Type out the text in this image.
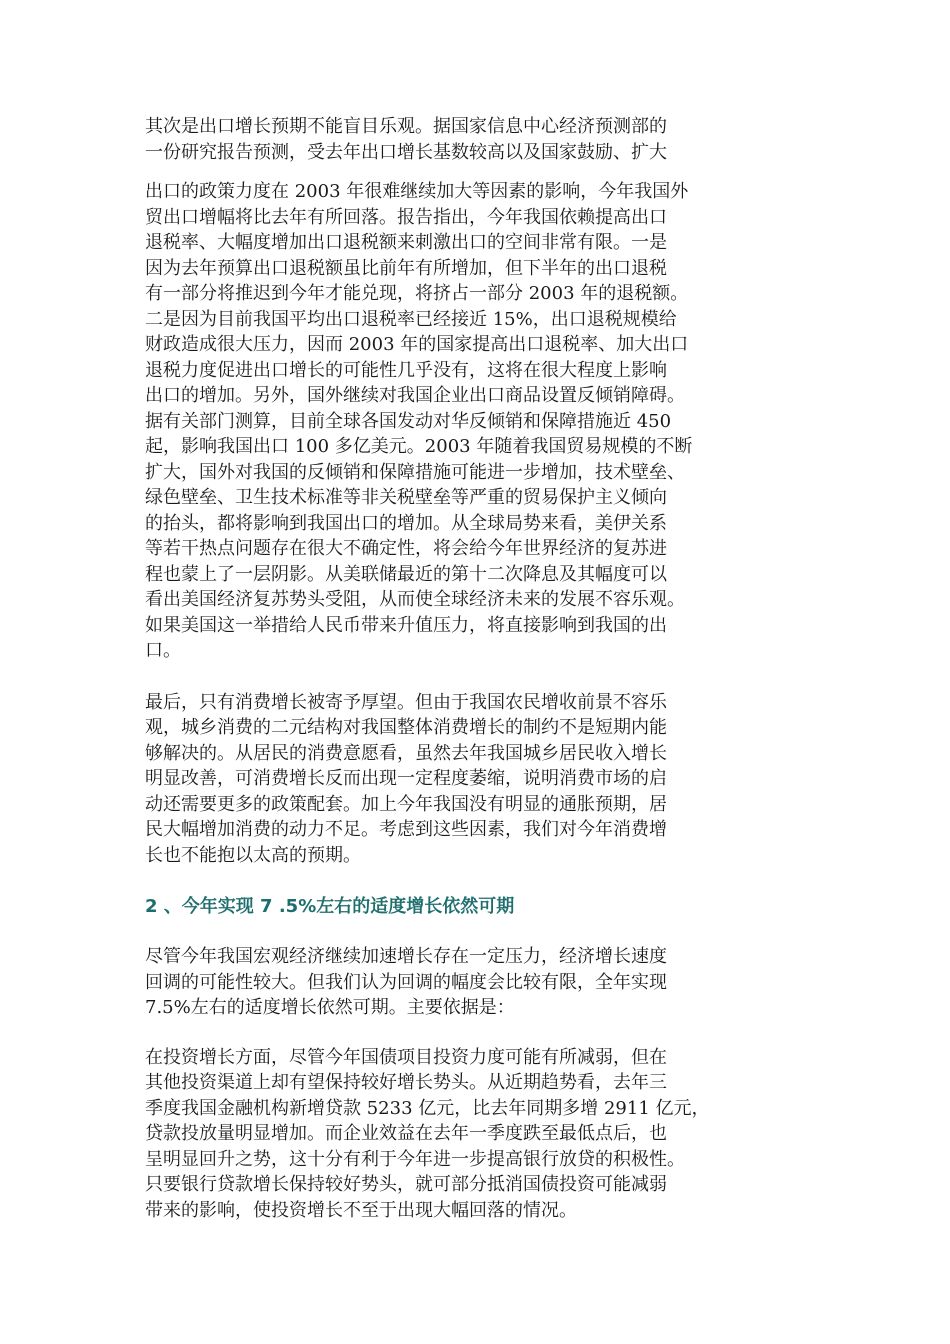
其次是出口增长预期不能盲目乐观。据国家信息中心经济预测部的
一份研究报告预测，受去年出口增长基数较高以及国家鼓励、扩大

出口的政策力度在 2003 年很难继续加大等因素的影响，今年我国外
贸出口增幅将比去年有所回落。报告指出，今年我国依赖提高出口
退税率、大幅度增加出口退税额来刺激出口的空间非常有限。一是
因为去年预算出口退税额虽比前年有所增加，但下半年的出口退税
有一部分将推迟到今年才能兑现，将挤占一部分 2003 年的退税额。
二是因为目前我国平均出口退税率已经接近 15%，出口退税规模给
财政造成很大压力，因而 2003 年的国家提高出口退税率、加大出口
退税力度促进出口增长的可能性几乎没有，这将在很大程度上影响
出口的增加。另外，国外继续对我国企业出口商品设置反倾销障碍。
据有关部门测算，目前全球各国发动对华反倾销和保障措施近 450
起，影响我国出口 100 多亿美元。2003 年随着我国贸易规模的不断
扩大，国外对我国的反倾销和保障措施可能进一步增加，技术壁垒、
绿色壁垒、卫生技术标准等非关税壁垒等严重的贸易保护主义倾向
的抬头，都将影响到我国出口的增加。从全球局势来看，美伊关系
等若干热点问题存在很大不确定性，将会给今年世界经济的复苏进
程也蒙上了一层阴影。从美联储最近的第十二次降息及其幅度可以
看出美国经济复苏势头受阻，从而使全球经济未来的发展不容乐观。
如果美国这一举措给人民币带来升值压力，将直接影响到我国的出
口。

最后，只有消费增长被寄予厚望。但由于我国农民增收前景不容乐
观，城乡消费的二元结构对我国整体消费增长的制约不是短期内能
够解决的。从居民的消费意愿看，虽然去年我国城乡居民收入增长
明显改善，可消费增长反而出现一定程度萎缩，说明消费市场的启
动还需要更多的政策配套。加上今年我国没有明显的通胀预期，居
民大幅增加消费的动力不足。考虑到这些因素，我们对今年消费增
长也不能抱以太高的预期。

2 、今年实现 7 .5%左右的适度增长依然可期

尽管今年我国宏观经济继续加速增长存在一定压力，经济增长速度
回调的可能性较大。但我们认为回调的幅度会比较有限，全年实现
7.5%左右的适度增长依然可期。主要依据是：

在投资增长方面，尽管今年国债项目投资力度可能有所减弱，但在
其他投资渠道上却有望保持较好增长势头。从近期趋势看，去年三
季度我国金融机构新增贷款 5233 亿元，比去年同期多增 2911 亿元，
贷款投放量明显增加。而企业效益在去年一季度跌至最低点后，也
呈明显回升之势，这十分有利于今年进一步提高银行放贷的积极性。
只要银行贷款增长保持较好势头，就可部分抵消国债投资可能减弱
带来的影响，使投资增长不至于出现大幅回落的情况。
